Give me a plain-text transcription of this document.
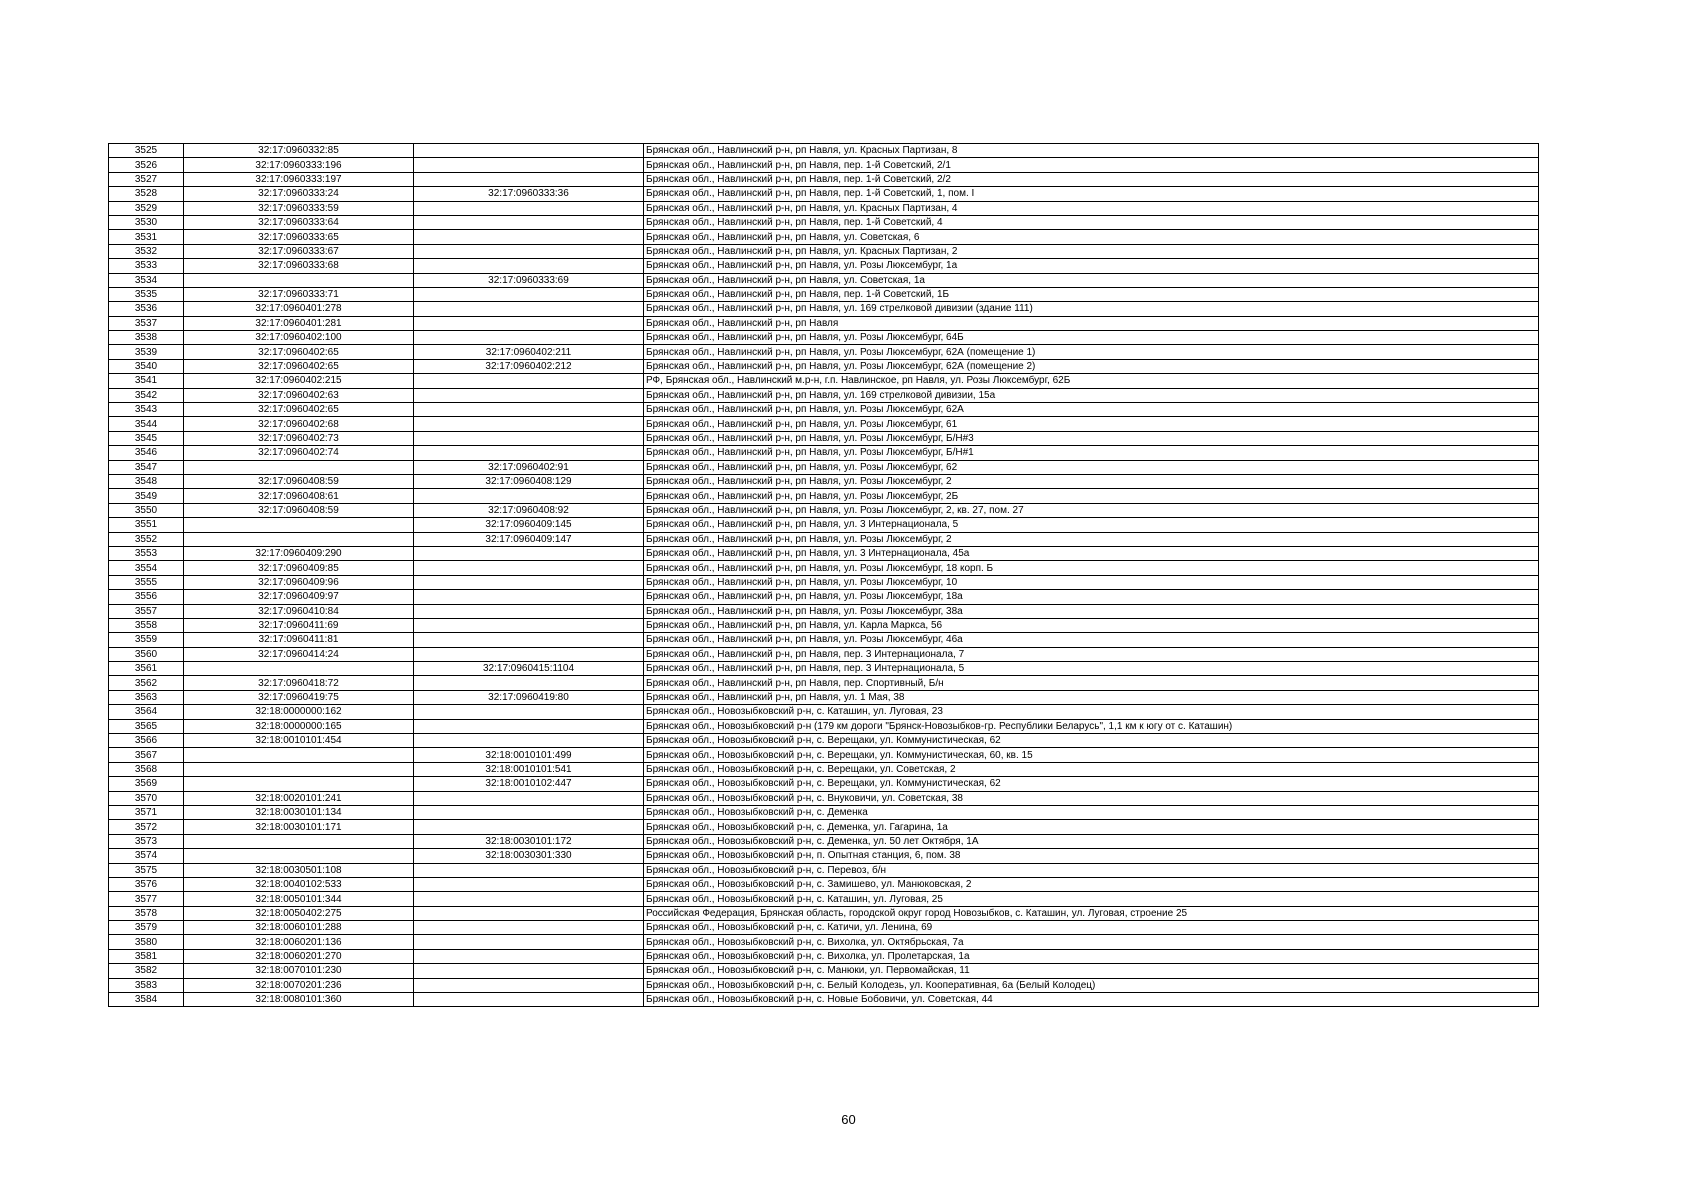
3525	32:17:0960332:85		Брянская обл., Навлинский р-н, рп Навля, ул. Красных Партизан, 8
3526	32:17:0960333:196		Брянская обл., Навлинский р-н, рп Навля, пер. 1-й Советский, 2/1
3527	32:17:0960333:197		Брянская обл., Навлинский р-н, рп Навля, пер. 1-й Советский, 2/2
3528	32:17:0960333:24	32:17:0960333:36	Брянская обл., Навлинский р-н, рп Навля, пер. 1-й Советский, 1, пом. I
3529	32:17:0960333:59		Брянская обл., Навлинский р-н, рп Навля, ул. Красных Партизан, 4
3530	32:17:0960333:64		Брянская обл., Навлинский р-н, рп Навля, пер. 1-й Советский, 4
3531	32:17:0960333:65		Брянская обл., Навлинский р-н, рп Навля, ул. Советская, 6
3532	32:17:0960333:67		Брянская обл., Навлинский р-н, рп Навля, ул. Красных Партизан, 2
3533	32:17:0960333:68		Брянская обл., Навлинский р-н, рп Навля, ул. Розы Люксембург, 1а
3534		32:17:0960333:69	Брянская обл., Навлинский р-н, рп Навля, ул. Советская, 1а
3535	32:17:0960333:71		Брянская обл., Навлинский р-н, рп Навля, пер. 1-й Советский, 1Б
3536	32:17:0960401:278		Брянская обл., Навлинский р-н, рп Навля, ул. 169 стрелковой дивизии (здание 111)
3537	32:17:0960401:281		Брянская обл., Навлинский р-н, рп Навля
3538	32:17:0960402:100		Брянская обл., Навлинский р-н, рп Навля, ул. Розы Люксембург, 64Б
3539	32:17:0960402:65	32:17:0960402:211	Брянская обл., Навлинский р-н, рп Навля, ул. Розы Люксембург, 62А (помещение 1)
3540	32:17:0960402:65	32:17:0960402:212	Брянская обл., Навлинский р-н, рп Навля, ул. Розы Люксембург, 62А (помещение 2)
3541	32:17:0960402:215		РФ, Брянская обл., Навлинский м.р-н, г.п. Навлинское, рп Навля, ул. Розы Люксембург, 62Б
3542	32:17:0960402:63		Брянская обл., Навлинский р-н, рп Навля, ул. 169 стрелковой дивизии, 15а
3543	32:17:0960402:65		Брянская обл., Навлинский р-н, рп Навля, ул. Розы Люксембург, 62А
3544	32:17:0960402:68		Брянская обл., Навлинский р-н, рп Навля, ул. Розы Люксембург, 61
3545	32:17:0960402:73		Брянская обл., Навлинский р-н, рп Навля, ул. Розы Люксембург, Б/Н#3
3546	32:17:0960402:74		Брянская обл., Навлинский р-н, рп Навля, ул. Розы Люксембург, Б/Н#1
3547		32:17:0960402:91	Брянская обл., Навлинский р-н, рп Навля, ул. Розы Люксембург, 62
3548	32:17:0960408:59	32:17:0960408:129	Брянская обл., Навлинский р-н, рп Навля, ул. Розы Люксембург, 2
3549	32:17:0960408:61		Брянская обл., Навлинский р-н, рп Навля, ул. Розы Люксембург, 2Б
3550	32:17:0960408:59	32:17:0960408:92	Брянская обл., Навлинский р-н, рп Навля, ул. Розы Люксембург, 2, кв. 27, пом. 27
3551		32:17:0960409:145	Брянская обл., Навлинский р-н, рп Навля, ул. 3 Интернационала, 5
3552		32:17:0960409:147	Брянская обл., Навлинский р-н, рп Навля, ул. Розы Люксембург, 2
3553	32:17:0960409:290		Брянская обл., Навлинский р-н, рп Навля, ул. 3 Интернационала, 45а
3554	32:17:0960409:85		Брянская обл., Навлинский р-н, рп Навля, ул. Розы Люксембург, 18 корп. Б
3555	32:17:0960409:96		Брянская обл., Навлинский р-н, рп Навля, ул. Розы Люксембург, 10
3556	32:17:0960409:97		Брянская обл., Навлинский р-н, рп Навля, ул. Розы Люксембург, 18а
3557	32:17:0960410:84		Брянская обл., Навлинский р-н, рп Навля, ул. Розы Люксембург, 38а
3558	32:17:0960411:69		Брянская обл., Навлинский р-н, рп Навля, ул. Карла Маркса, 56
3559	32:17:0960411:81		Брянская обл., Навлинский р-н, рп Навля, ул. Розы Люксембург, 46а
3560	32:17:0960414:24		Брянская обл., Навлинский р-н, рп Навля, пер. 3 Интернационала, 7
3561		32:17:0960415:1104	Брянская обл., Навлинский р-н, рп Навля, пер. 3 Интернационала, 5
3562	32:17:0960418:72		Брянская обл., Навлинский р-н, рп Навля, пер. Спортивный, Б/н
3563	32:17:0960419:75	32:17:0960419:80	Брянская обл., Навлинский р-н, рп Навля, ул. 1 Мая, 38
3564	32:18:0000000:162		Брянская обл., Новозыбковский р-н, с. Каташин, ул. Луговая, 23
3565	32:18:0000000:165		Брянская обл., Новозыбковский р-н (179 км дороги "Брянск-Новозыбков-гр. Республики Беларусь", 1,1 км к югу от с. Каташин)
3566	32:18:0010101:454		Брянская обл., Новозыбковский р-н, с. Верещаки, ул. Коммунистическая, 62
3567		32:18:0010101:499	Брянская обл., Новозыбковский р-н, с. Верещаки, ул. Коммунистическая, 60, кв. 15
3568		32:18:0010101:541	Брянская обл., Новозыбковский р-н, с. Верещаки, ул. Советская, 2
3569		32:18:0010102:447	Брянская обл., Новозыбковский р-н, с. Верещаки, ул. Коммунистическая, 62
3570	32:18:0020101:241		Брянская обл., Новозыбковский р-н, с. Внуковичи, ул. Советская, 38
3571	32:18:0030101:134		Брянская обл., Новозыбковский р-н, с. Деменка
3572	32:18:0030101:171		Брянская обл., Новозыбковский р-н, с. Деменка, ул. Гагарина, 1а
3573		32:18:0030101:172	Брянская обл., Новозыбковский р-н, с. Деменка, ул. 50 лет Октября, 1А
3574		32:18:0030301:330	Брянская обл., Новозыбковский р-н, п. Опытная станция, 6, пом. 38
3575	32:18:0030501:108		Брянская обл., Новозыбковский р-н, с. Перевоз, б/н
3576	32:18:0040102:533		Брянская обл., Новозыбковский р-н, с. Замишево, ул. Манюковская, 2
3577	32:18:0050101:344		Брянская обл., Новозыбковский р-н, с. Каташин, ул. Луговая, 25
3578	32:18:0050402:275		Российская Федерация, Брянская область, городской округ город Новозыбков, с. Каташин, ул. Луговая, строение 25
3579	32:18:0060101:288		Брянская обл., Новозыбковский р-н, с. Катичи, ул. Ленина, 69
3580	32:18:0060201:136		Брянская обл., Новозыбковский р-н, с. Вихолка, ул. Октябрьская, 7а
3581	32:18:0060201:270		Брянская обл., Новозыбковский р-н, с. Вихолка, ул. Пролетарская, 1а
3582	32:18:0070101:230		Брянская обл., Новозыбковский р-н, с. Манюки, ул. Первомайская, 11
3583	32:18:0070201:236		Брянская обл., Новозыбковский р-н, с. Белый Колодезь, ул. Кооперативная, 6а (Белый Колодец)
3584	32:18:0080101:360		Брянская обл., Новозыбковский р-н, с. Новые Бобовичи, ул. Советская, 44
60
